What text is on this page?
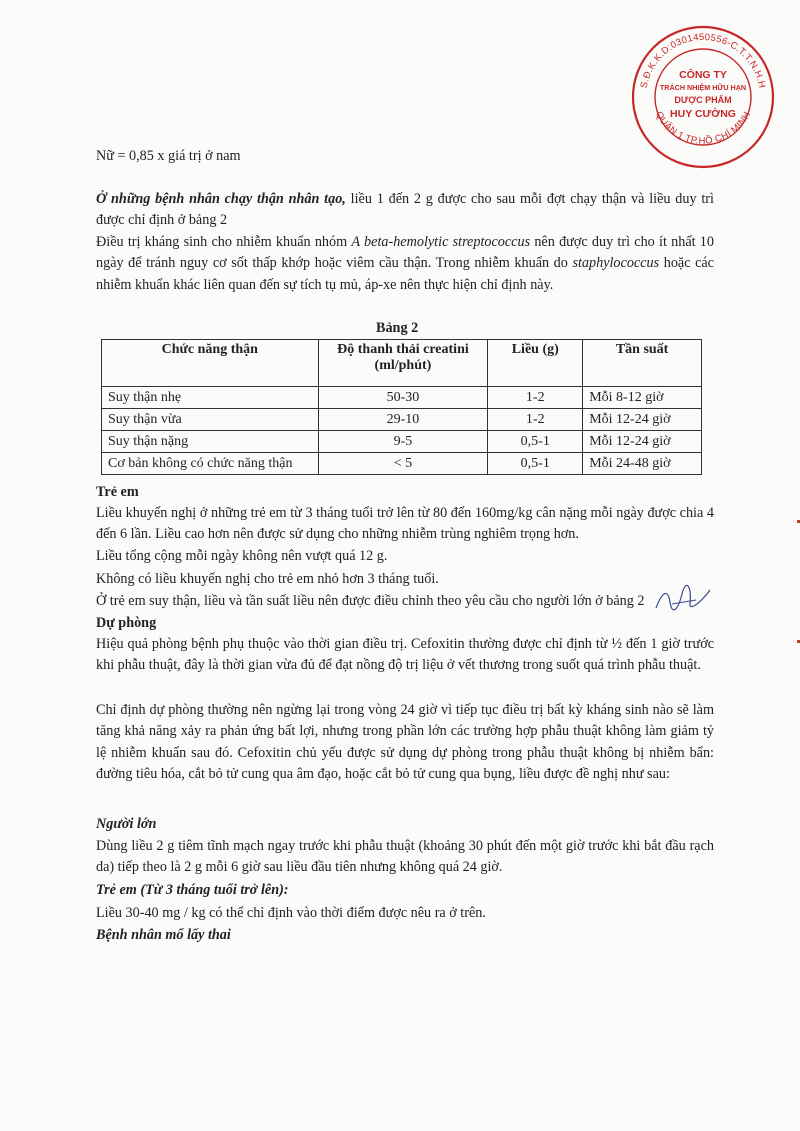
S.Đ.K.K.D:0301450556-C.T.T.N.H.H
QUẬN 1 TP.HỒ CHÍ MINH
CÔNG TY
TRÁCH NHIỆM HỮU HẠN
DƯỢC PHẨM
HUY CƯỜNG
Nữ = 0,85 x giá trị ở nam
Ở những bệnh nhân chạy thận nhân tạo, liều 1 đến 2 g được cho sau mỗi đợt chạy thận và liều duy trì được chỉ định ở bảng 2
Điều trị kháng sinh cho nhiễm khuẩn nhóm A beta-hemolytic streptococcus nên được duy trì cho ít nhất 10 ngày để tránh nguy cơ sốt thấp khớp hoặc viêm cầu thận. Trong nhiễm khuẩn do staphylococcus hoặc các nhiễm khuẩn khác liên quan đến sự tích tụ mủ, áp-xe nên thực hiện chỉ định này.
Bảng 2
Chức năng thận	Độ thanh thải creatini (ml/phút)	Liều (g)	Tần suất
Suy thận nhẹ	50-30	1-2	Mỗi 8-12 giờ
Suy thận vừa	29-10	1-2	Mỗi 12-24 giờ
Suy thận nặng	9-5	0,5-1	Mỗi 12-24 giờ
Cơ bản không có chức năng thận	< 5	0,5-1	Mỗi 24-48 giờ
Trẻ em
Liều khuyến nghị ở những trẻ em từ 3 tháng tuổi trở lên từ 80 đến 160mg/kg cân nặng mỗi ngày được chia 4 đến 6 lần. Liều cao hơn nên được sử dụng cho những nhiễm trùng nghiêm trọng hơn.
Liều tổng cộng mỗi ngày không nên vượt quá 12 g.
Không có liều khuyến nghị cho trẻ em nhỏ hơn 3 tháng tuổi.
Ở trẻ em suy thận, liều và tần suất liều nên được điều chỉnh theo yêu cầu cho người lớn ở bảng 2
Dự phòng
Hiệu quả phòng bệnh phụ thuộc vào thời gian điều trị. Cefoxitin thường được chỉ định từ ½ đến 1 giờ trước khi phẫu thuật, đây là thời gian vừa đủ để đạt nồng độ trị liệu ở vết thương trong suốt quá trình phẫu thuật.
Chỉ định dự phòng thường nên ngừng lại trong vòng 24 giờ vì tiếp tục điều trị bất kỳ kháng sinh nào sẽ làm tăng khả năng xảy ra phản ứng bất lợi, nhưng trong phần lớn các trường hợp phẫu thuật không làm giảm tỷ lệ nhiễm khuẩn sau đó. Cefoxitin chủ yếu được sử dụng dự phòng trong phẫu thuật không bị nhiễm bẩn: đường tiêu hóa, cắt bỏ tử cung qua âm đạo, hoặc cắt bỏ tử cung qua bụng, liều được đề nghị như sau:
Người lớn
Dùng liều 2 g tiêm tĩnh mạch ngay trước khi phẫu thuật (khoảng 30 phút đến một giờ trước khi bắt đầu rạch da) tiếp theo là 2 g mỗi 6 giờ sau liều đầu tiên nhưng không quá 24 giờ.
Trẻ em (Từ 3 tháng tuổi trở lên):
Liều 30-40 mg / kg có thể chỉ định vào thời điểm được nêu ra ở trên.
Bệnh nhân mổ lấy thai
